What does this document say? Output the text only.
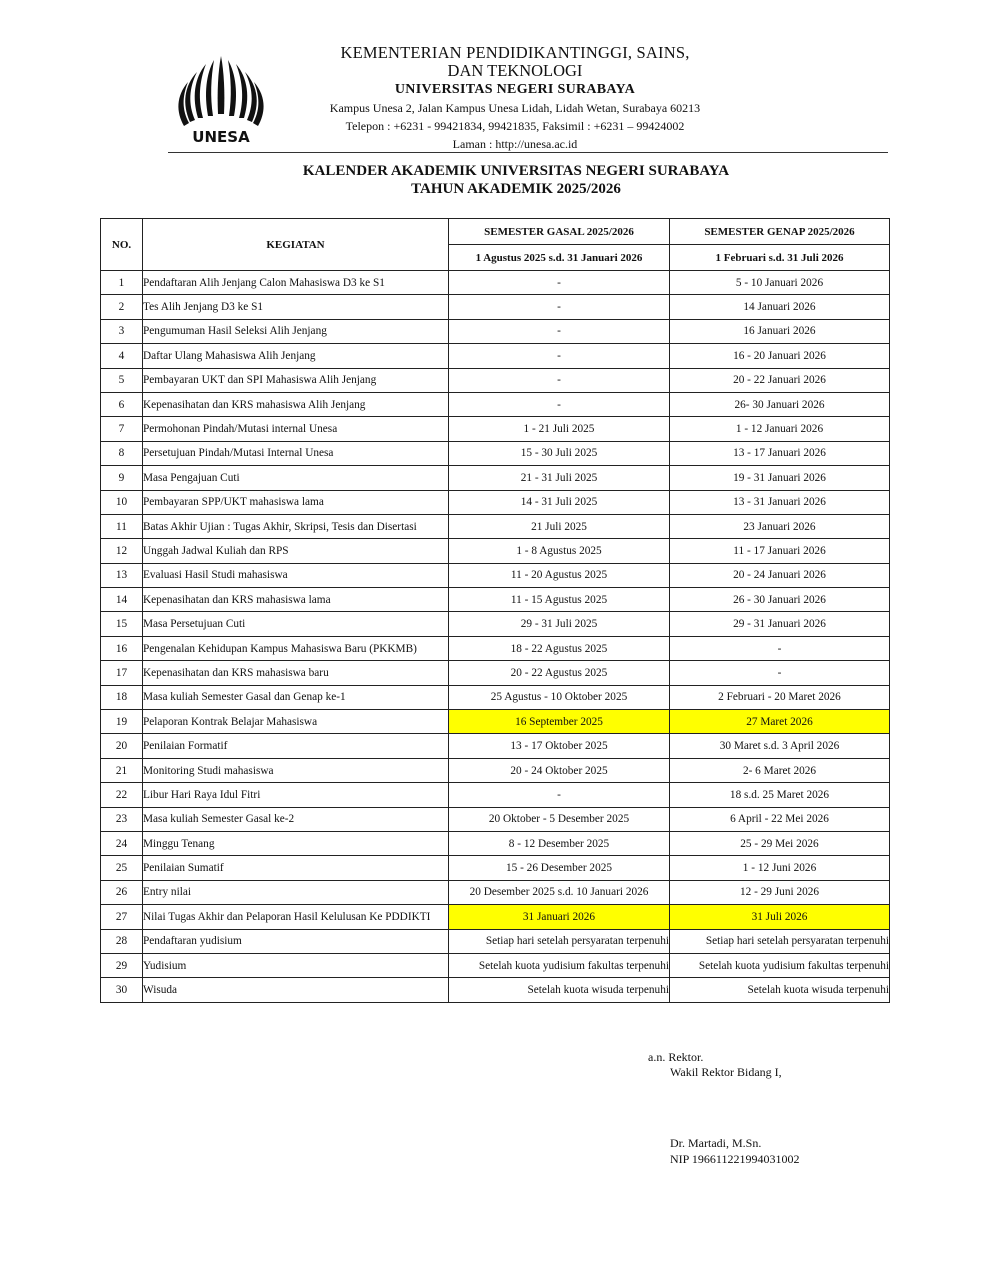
UNESA
KEMENTERIAN PENDIDIKANTINGGI, SAINS,
DAN TEKNOLOGI
UNIVERSITAS NEGERI SURABAYA
Kampus Unesa 2, Jalan Kampus Unesa Lidah, Lidah Wetan, Surabaya 60213
Telepon : +6231 - 99421834, 99421835, Faksimil : +6231 – 99424002
Laman : http://unesa.ac.id
KALENDER AKADEMIK UNIVERSITAS NEGERI SURABAYA
TAHUN AKADEMIK 2025/2026
NO.	KEGIATAN	SEMESTER GASAL 2025/2026	SEMESTER GENAP 2025/2026
		1 Agustus 2025 s.d. 31 Januari 2026	1 Februari s.d. 31 Juli 2026
1	Pendaftaran Alih Jenjang Calon Mahasiswa D3 ke S1	-	5 - 10 Januari 2026
2	Tes Alih Jenjang D3 ke S1	-	14 Januari 2026
3	Pengumuman Hasil Seleksi Alih Jenjang	-	16 Januari 2026
4	Daftar Ulang Mahasiswa Alih Jenjang	-	16 - 20 Januari 2026
5	Pembayaran UKT dan SPI Mahasiswa Alih Jenjang	-	20 - 22 Januari 2026
6	Kepenasihatan dan KRS mahasiswa Alih Jenjang	-	26- 30 Januari 2026
7	Permohonan Pindah/Mutasi internal Unesa	1 - 21 Juli 2025	1 - 12 Januari 2026
8	Persetujuan Pindah/Mutasi Internal Unesa	15 - 30 Juli 2025	13 - 17 Januari 2026
9	Masa Pengajuan Cuti	21 - 31 Juli 2025	19 - 31 Januari 2026
10	Pembayaran SPP/UKT mahasiswa lama	14 - 31 Juli 2025	13 - 31 Januari 2026
11	Batas Akhir Ujian : Tugas Akhir, Skripsi, Tesis dan Disertasi	21 Juli 2025	23 Januari 2026
12	Unggah Jadwal Kuliah dan RPS	1 - 8 Agustus 2025	11 - 17 Januari 2026
13	Evaluasi Hasil Studi mahasiswa	11 - 20 Agustus 2025	20 - 24 Januari 2026
14	Kepenasihatan dan KRS mahasiswa lama	11 - 15 Agustus 2025	26 - 30 Januari 2026
15	Masa Persetujuan Cuti	29 - 31 Juli 2025	29 - 31 Januari 2026
16	Pengenalan Kehidupan Kampus Mahasiswa Baru (PKKMB)	18 - 22 Agustus 2025	-
17	Kepenasihatan dan KRS mahasiswa baru	20 - 22 Agustus 2025	-
18	Masa kuliah Semester Gasal dan Genap ke-1	25 Agustus - 10 Oktober 2025	2 Februari - 20 Maret 2026
19	Pelaporan Kontrak Belajar Mahasiswa	16 September 2025	27 Maret 2026
20	Penilaian Formatif	13 - 17 Oktober 2025	30 Maret s.d. 3 April 2026
21	Monitoring Studi mahasiswa	20 - 24 Oktober 2025	2- 6 Maret 2026
22	Libur Hari Raya Idul Fitri	-	18 s.d. 25 Maret 2026
23	Masa kuliah Semester Gasal ke-2	20 Oktober - 5 Desember 2025	6 April - 22 Mei 2026
24	Minggu Tenang	8 - 12 Desember 2025	25 - 29 Mei 2026
25	Penilaian Sumatif	15 - 26 Desember 2025	1 - 12 Juni 2026
26	Entry nilai	20 Desember 2025 s.d. 10 Januari 2026	12 - 29 Juni 2026
27	Nilai Tugas Akhir dan Pelaporan Hasil Kelulusan Ke PDDIKTI	31 Januari 2026	31 Juli 2026
28	Pendaftaran yudisium	Setiap hari setelah persyaratan terpenuhi	Setiap hari setelah persyaratan terpenuhi
29	Yudisium	Setelah kuota yudisium fakultas terpenuhi	Setelah kuota yudisium fakultas terpenuhi
30	Wisuda	Setelah kuota wisuda terpenuhi	Setelah kuota wisuda terpenuhi
a.n. Rektor.
Wakil Rektor Bidang I,
Dr. Martadi, M.Sn.
NIP 196611221994031002
